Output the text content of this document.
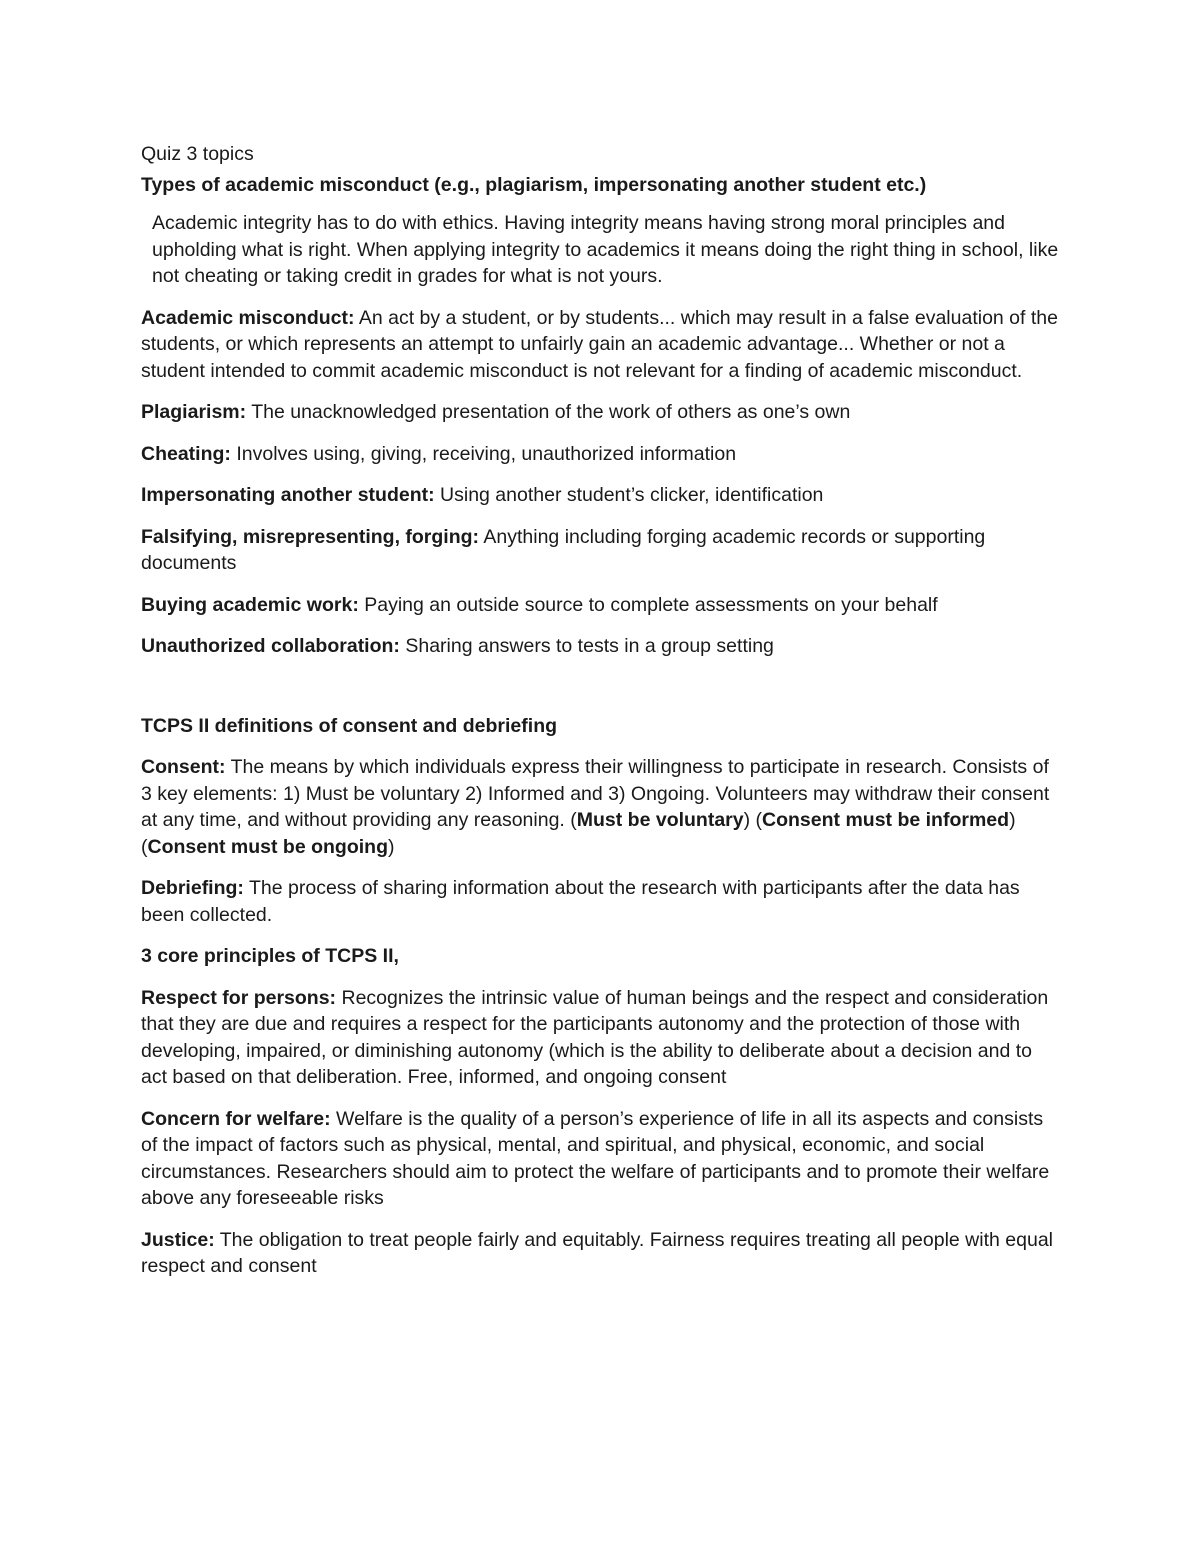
Quiz 3 topics

Types of academic misconduct (e.g., plagiarism, impersonating another student etc.)

Academic integrity has to do with ethics. Having integrity means having strong moral principles and upholding what is right. When applying integrity to academics it means doing the right thing in school, like not cheating or taking credit in grades for what is not yours.

Academic misconduct: An act by a student, or by students... which may result in a false evaluation of the students, or which represents an attempt to unfairly gain an academic advantage... Whether or not a student intended to commit academic misconduct is not relevant for a finding of academic misconduct.

Plagiarism: The unacknowledged presentation of the work of others as one’s own

Cheating: Involves using, giving, receiving, unauthorized information

Impersonating another student: Using another student’s clicker, identification

Falsifying, misrepresenting, forging: Anything including forging academic records or supporting documents

Buying academic work: Paying an outside source to complete assessments on your behalf

Unauthorized collaboration: Sharing answers to tests in a group setting

TCPS II definitions of consent and debriefing

Consent: The means by which individuals express their willingness to participate in research. Consists of 3 key elements: 1) Must be voluntary 2) Informed and 3) Ongoing. Volunteers may withdraw their consent at any time, and without providing any reasoning. (Must be voluntary) (Consent must be informed) (Consent must be ongoing)

Debriefing: The process of sharing information about the research with participants after the data has been collected.

3 core principles of TCPS II,

Respect for persons: Recognizes the intrinsic value of human beings and the respect and consideration that they are due and requires a respect for the participants autonomy and the protection of those with developing, impaired, or diminishing autonomy (which is the ability to deliberate about a decision and to act based on that deliberation. Free, informed, and ongoing consent

Concern for welfare: Welfare is the quality of a person’s experience of life in all its aspects and consists of the impact of factors such as physical, mental, and spiritual, and physical, economic, and social circumstances. Researchers should aim to protect the welfare of participants and to promote their welfare above any foreseeable risks

Justice: The obligation to treat people fairly and equitably. Fairness requires treating all people with equal respect and consent
